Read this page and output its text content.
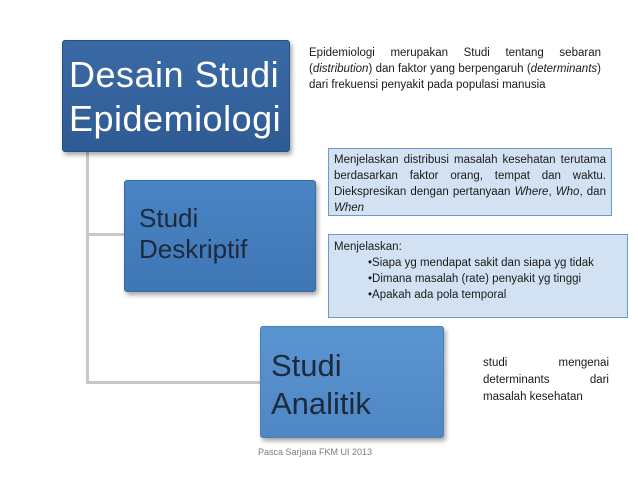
Desain Studi
Epidemiologi
Studi
Deskriptif
Studi
Analitik
Epidemiologi merupakan Studi tentang sebaran (distribution) dan faktor yang berpengaruh (determinants) dari frekuensi penyakit pada populasi manusia
Menjelaskan distribusi masalah kesehatan terutama berdasarkan faktor orang, tempat dan waktu. Diekspresikan dengan pertanyaan Where, Who, dan When
Menjelaskan:
•Siapa yg mendapat sakit dan siapa yg tidak
•Dimana masalah (rate) penyakit yg tinggi
•Apakah ada pola temporal
studi	mengenai
determinants	dari
masalah kesehatan
Pasca Sarjana FKM UI 2013
